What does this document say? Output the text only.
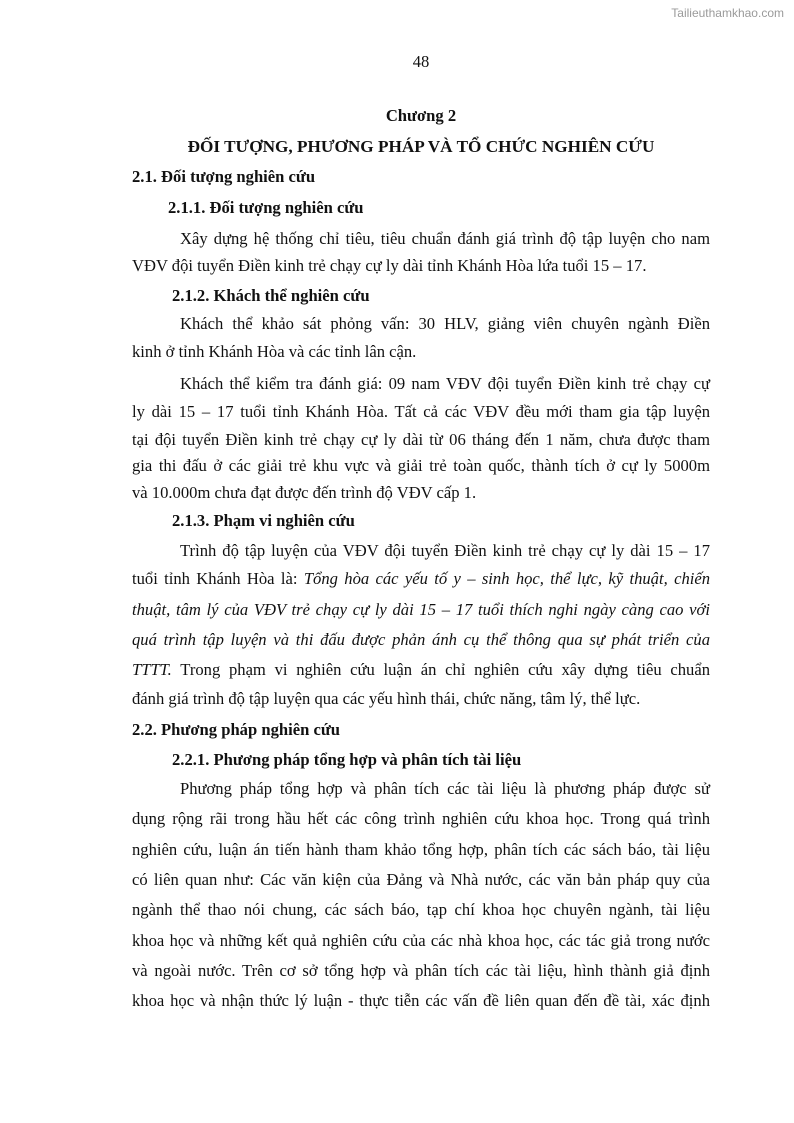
Tailieuthamkhao.com
48
Chương 2
ĐỐI TƯỢNG, PHƯƠNG PHÁP VÀ TỔ CHỨC NGHIÊN CỨU
2.1. Đối tượng nghiên cứu
2.1.1. Đối tượng nghiên cứu
Xây dựng hệ thống chỉ tiêu, tiêu chuẩn đánh giá trình độ tập luyện cho nam
VĐV đội tuyển Điền kinh trẻ chạy cự ly dài tỉnh Khánh Hòa lứa tuổi 15 – 17.
2.1.2. Khách thể nghiên cứu
Khách thể khảo sát phỏng vấn: 30 HLV, giảng viên chuyên ngành Điền
kinh ở tỉnh Khánh Hòa và các tỉnh lân cận.
Khách thể kiểm tra đánh giá: 09 nam VĐV đội tuyển Điền kinh trẻ chạy cự
ly dài 15 – 17 tuổi tỉnh Khánh Hòa. Tất cả các VĐV đều mới tham gia tập luyện
tại đội tuyển Điền kinh trẻ chạy cự ly dài từ 06 tháng đến 1 năm, chưa được tham
gia thi đấu ở các giải trẻ khu vực và giải trẻ toàn quốc, thành tích ở cự ly 5000m
và 10.000m chưa đạt được đến trình độ VĐV cấp 1.
2.1.3. Phạm vi nghiên cứu
Trình độ tập luyện của VĐV đội tuyển Điền kinh trẻ chạy cự ly dài 15 – 17
tuổi tỉnh Khánh Hòa là: Tổng hòa các yếu tố y – sinh học, thể lực, kỹ thuật, chiến
thuật, tâm lý của VĐV trẻ chạy cự ly dài 15 – 17 tuổi thích nghi ngày càng cao với
quá trình tập luyện và thi đấu được phản ánh cụ thể thông qua sự phát triển của
TTTT. Trong phạm vi nghiên cứu luận án chỉ nghiên cứu xây dựng tiêu chuẩn
đánh giá trình độ tập luyện qua các yếu hình thái, chức năng, tâm lý, thể lực.
2.2. Phương pháp nghiên cứu
2.2.1. Phương pháp tổng hợp và phân tích tài liệu
Phương pháp tổng hợp và phân tích các tài liệu là phương pháp được sử
dụng rộng rãi trong hầu hết các công trình nghiên cứu khoa học. Trong quá trình
nghiên cứu, luận án tiến hành tham khảo tổng hợp, phân tích các sách báo, tài liệu
có liên quan như: Các văn kiện của Đảng và Nhà nước, các văn bản pháp quy của
ngành thể thao nói chung, các sách báo, tạp chí khoa học chuyên ngành, tài liệu
khoa học và những kết quả nghiên cứu của các nhà khoa học, các tác giả trong nước
và ngoài nước. Trên cơ sở tổng hợp và phân tích các tài liệu, hình thành giả định
khoa học và nhận thức lý luận - thực tiễn các vấn đề liên quan đến đề tài, xác định
